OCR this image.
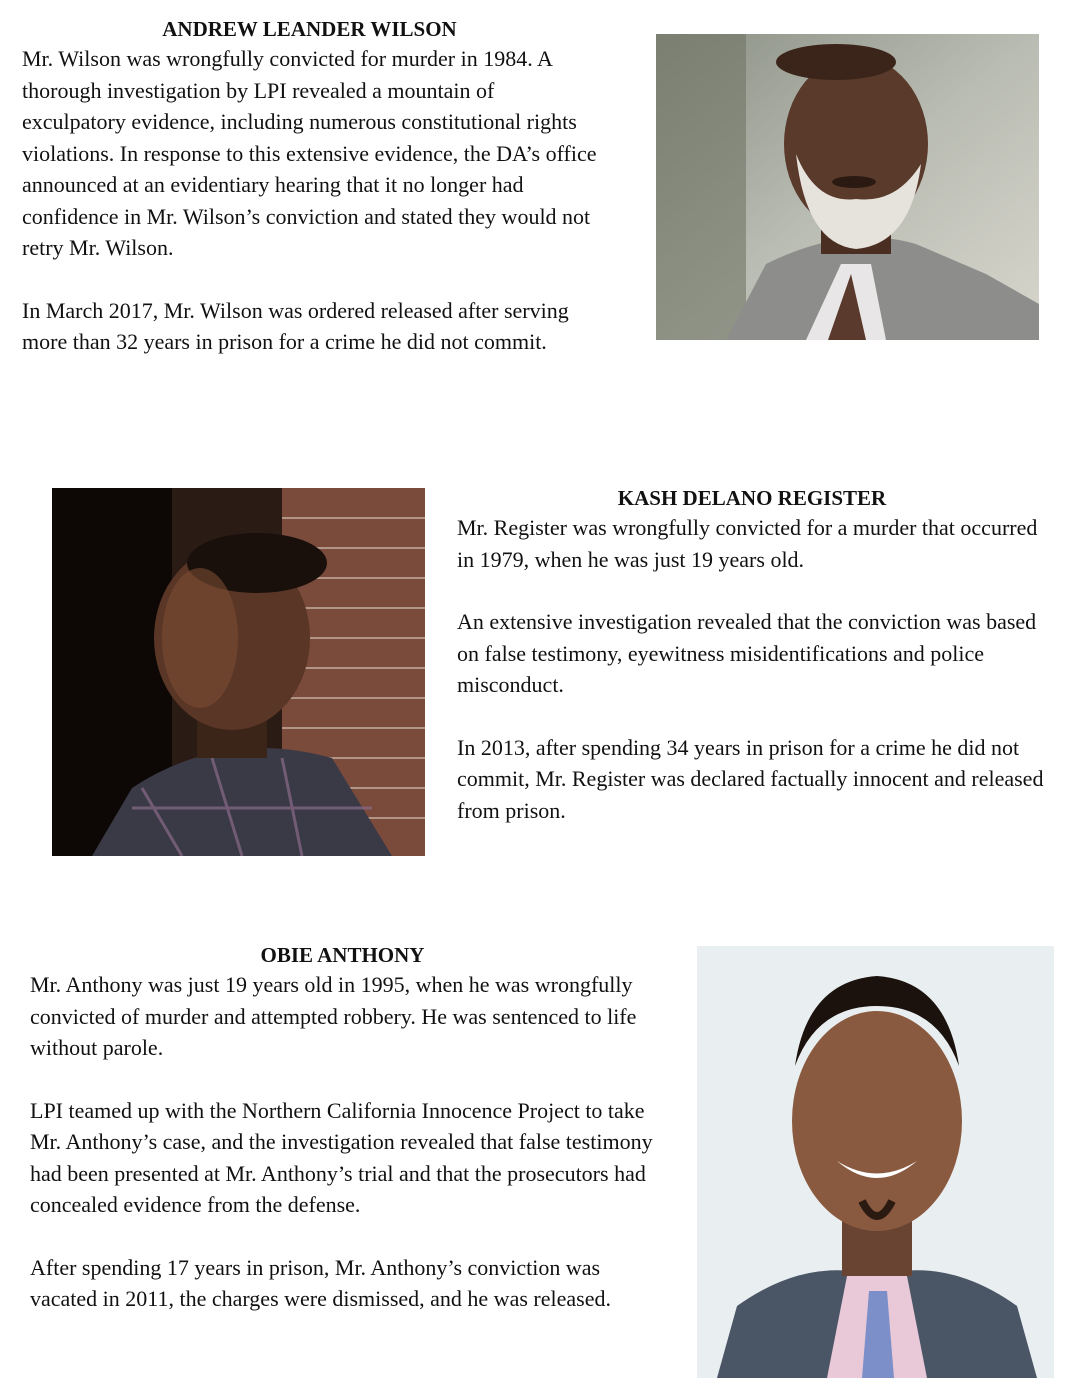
ANDREW LEANDER WILSON

Mr. Wilson was wrongfully convicted for murder in 1984. A thorough investigation by LPI revealed a mountain of exculpatory evidence, including numerous constitutional rights violations. In response to this extensive evidence, the DA’s office announced at an evidentiary hearing that it no longer had confidence in Mr. Wilson’s conviction and stated they would not retry Mr. Wilson.

In March 2017, Mr. Wilson was ordered released after serving more than 32 years in prison for a crime he did not commit.

KASH DELANO REGISTER

Mr. Register was wrongfully convicted for a murder that occurred in 1979, when he was just 19 years old.

An extensive investigation revealed that the conviction was based on false testimony, eyewitness misidentifications and police misconduct.

In 2013, after spending 34 years in prison for a crime he did not commit, Mr. Register was declared factually innocent and released from prison.

OBIE ANTHONY

Mr. Anthony was just 19 years old in 1995, when he was wrongfully convicted of murder and attempted robbery. He was sentenced to life without parole.

LPI teamed up with the Northern California Innocence Project to take Mr. Anthony’s case, and the investigation revealed that false testimony had been presented at Mr. Anthony’s trial and that the prosecutors had concealed evidence from the defense.

After spending 17 years in prison, Mr. Anthony’s conviction was vacated in 2011, the charges were dismissed, and he was released.
